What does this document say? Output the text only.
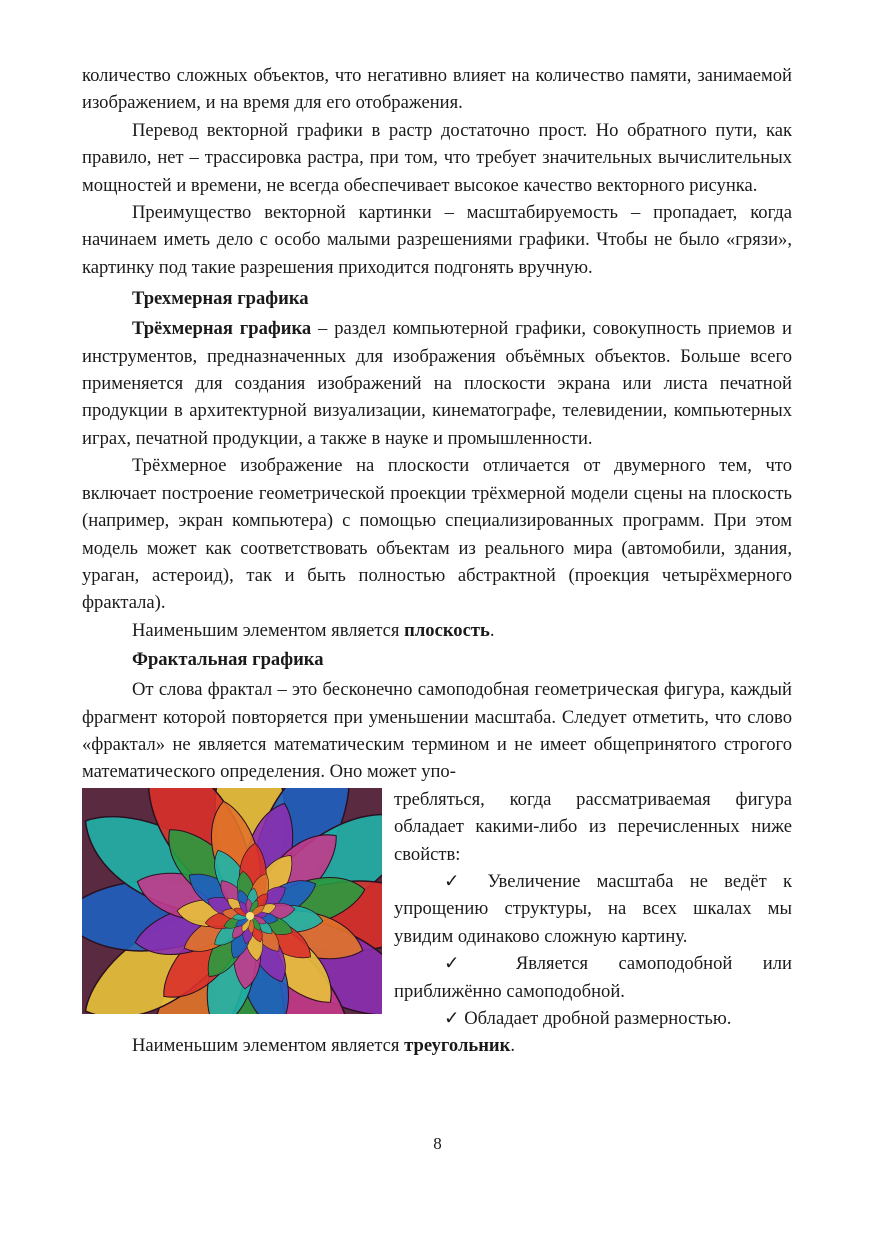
количество сложных объектов, что негативно влияет на количество памяти, занимаемой изображением, и на время для его отображения.

Перевод векторной графики в растр достаточно прост. Но обратного пути, как правило, нет – трассировка растра, при том, что требует значительных вычислительных мощностей и времени, не всегда обеспечивает высокое качество векторного рисунка.

Преимущество векторной картинки – масштабируемость – пропадает, когда начинаем иметь дело с особо малыми разрешениями графики. Чтобы не было «грязи», картинку под такие разрешения приходится подгонять вручную.

Трехмерная графика

Трёхмерная графика – раздел компьютерной графики, совокупность приемов и инструментов, предназначенных для изображения объёмных объектов. Больше всего применяется для создания изображений на плоскости экрана или листа печатной продукции в архитектурной визуализации, кинематографе, телевидении, компьютерных играх, печатной продукции, а также в науке и промышленности.

Трёхмерное изображение на плоскости отличается от двумерного тем, что включает построение геометрической проекции трёхмерной модели сцены на плоскость (например, экран компьютера) с помощью специализированных программ. При этом модель может как соответствовать объектам из реального мира (автомобили, здания, ураган, астероид), так и быть полностью абстрактной (проекция четырёхмерного фрактала).

Наименьшим элементом является плоскость.

Фрактальная графика

От слова фрактал – это бесконечно самоподобная геометрическая фигура, каждый фрагмент которой повторяется при уменьшении масштаба. Следует отметить, что слово «фрактал» не является математическим термином и не имеет общепринятого строгого математического определения. Оно может упо-

требляться, когда рассматриваемая фигура обладает какими-либо из перечисленных ниже свойств:

✓ Увеличение масштаба не ведёт к упрощению структуры, на всех шкалах мы увидим одинаково сложную картину.

✓ Является самоподобной или приближённо самоподобной.

✓ Обладает дробной размерностью.

Наименьшим элементом является треугольник.

8
